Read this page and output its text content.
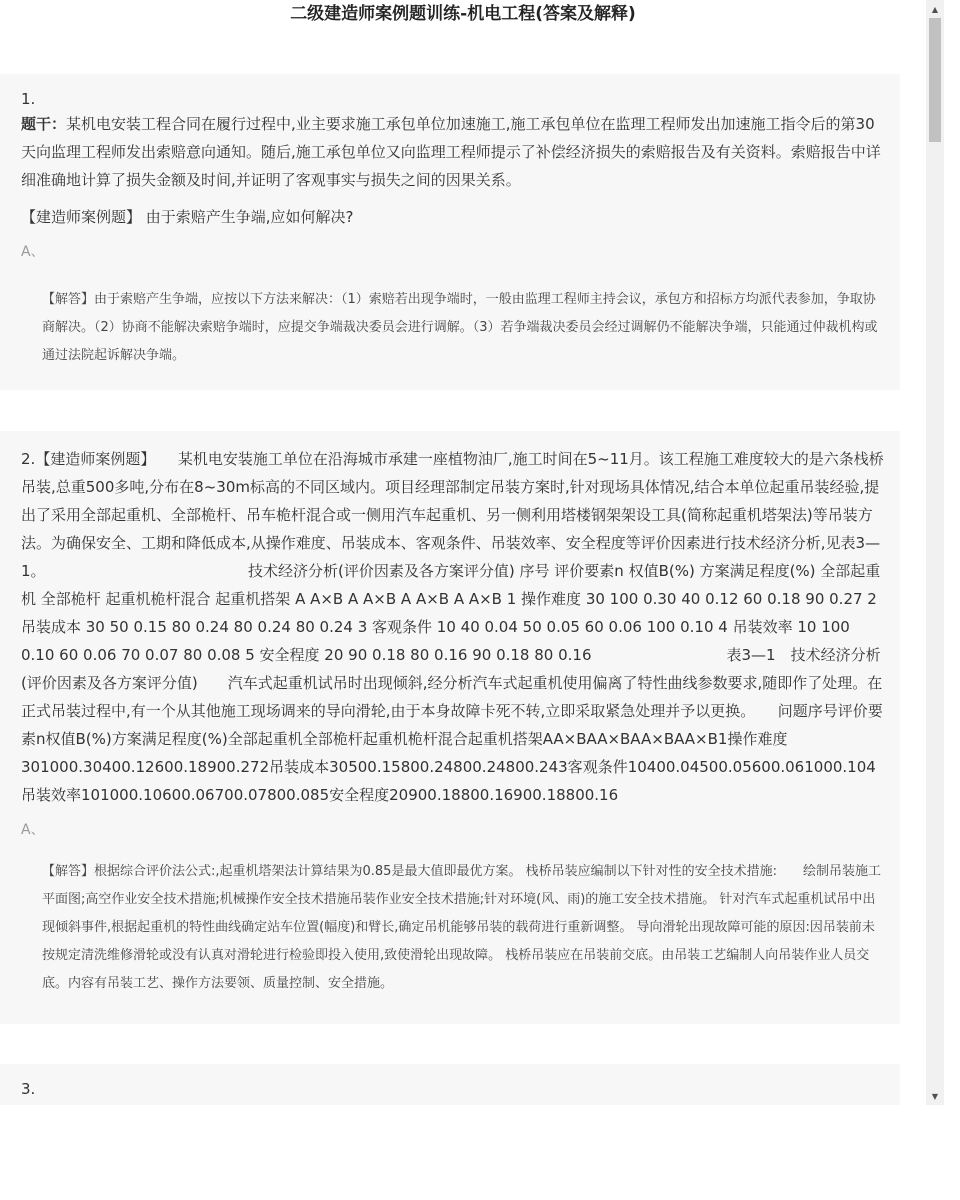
二级建造师案例题训练-机电工程(答案及解释)
1.

题干：某机电安装工程合同在履行过程中,业主要求施工承包单位加速施工,施工承包单位在监理工程师发出加速施工指令后的第30天向监理工程师发出索赔意向通知。随后,施工承包单位又向监理工程师提示了补偿经济损失的索赔报告及有关资料。索赔报告中详细准确地计算了损失金额及时间,并证明了客观事实与损失之间的因果关系。

【建造师案例题】 由于索赔产生争端,应如何解决?
A、
【解答】由于索赔产生争端，应按以下方法来解决：（1）索赔若出现争端时，一般由监理工程师主持会议，承包方和招标方均派代表参加，争取协商解决。（2）协商不能解决索赔争端时，应提交争端裁决委员会进行调解。（3）若争端裁决委员会经过调解仍不能解决争端，只能通过仲裁机构或通过法院起诉解决争端。

2.【建造师案例题】　　某机电安装施工单位在沿海城市承建一座植物油厂,施工时间在5~11月。该工程施工难度较大的是六条栈桥吊装,总重500多吨,分布在8~30m标高的不同区域内。项目经理部制定吊装方案时,针对现场具体情况,结合本单位起重吊装经验,提出了采用全部起重机、全部桅杆、吊车桅杆混合或一侧用汽车起重机、另一侧利用塔楼钢架架设工具(简称起重机塔架法)等吊装方法。为确保安全、工期和降低成本,从操作难度、吊装成本、客观条件、吊装效率、安全程度等评价因素进行技术经济分析,见表3—1。　　　　　　　　　　　　　　技术经济分析(评价因素及各方案评分值) 序号 评价要素n 权值B(%) 方案满足程度(%) 全部起重机 全部桅杆 起重机桅杆混合 起重机搭架 A A×B A A×B A A×B A A×B 1 操作难度 30 100 0.30 40 0.12 60 0.18 90 0.27 2 吊装成本 30 50 0.15 80 0.24 80 0.24 80 0.24 3 客观条件 10 40 0.04 50 0.05 60 0.06 100 0.10 4 吊装效率 10 100 0.10 60 0.06 70 0.07 80 0.08 5 安全程度 20 90 0.18 80 0.16 90 0.18 80 0.16　　　　　　　　　表3—1　技术经济分析(评价因素及各方案评分值)　　汽车式起重机试吊时出现倾斜,经分析汽车式起重机使用偏离了特性曲线参数要求,随即作了处理。在正式吊装过程中,有一个从其他施工现场调来的导向滑轮,由于本身故障卡死不转,立即采取紧急处理并予以更换。　　问题序号评价要素n权值B(%)方案满足程度(%)全部起重机全部桅杆起重机桅杆混合起重机搭架AA×BAA×BAA×BAA×B1操作难度301000.30400.12600.18900.272吊装成本30500.15800.24800.24800.243客观条件10400.04500.05600.061000.104吊装效率101000.10600.06700.07800.085安全程度20900.18800.16900.18800.16

A、
【解答】根据综合评价法公式:,起重机塔架法计算结果为0.85是最大值即最优方案。 栈桥吊装应编制以下针对性的安全技术措施:　　绘制吊装施工平面图;高空作业安全技术措施;机械操作安全技术措施吊装作业安全技术措施;针对环境(风、雨)的施工安全技术措施。 针对汽车式起重机试吊中出现倾斜事件,根据起重机的特性曲线确定站车位置(幅度)和臂长,确定吊机能够吊装的载荷进行重新调整。 导向滑轮出现故障可能的原因:因吊装前未按规定清洗维修滑轮或没有认真对滑轮进行检验即投入使用,致使滑轮出现故障。 栈桥吊装应在吊装前交底。由吊装工艺编制人向吊装作业人员交底。内容有吊装工艺、操作方法要领、质量控制、安全措施。
3.
▲
▼
